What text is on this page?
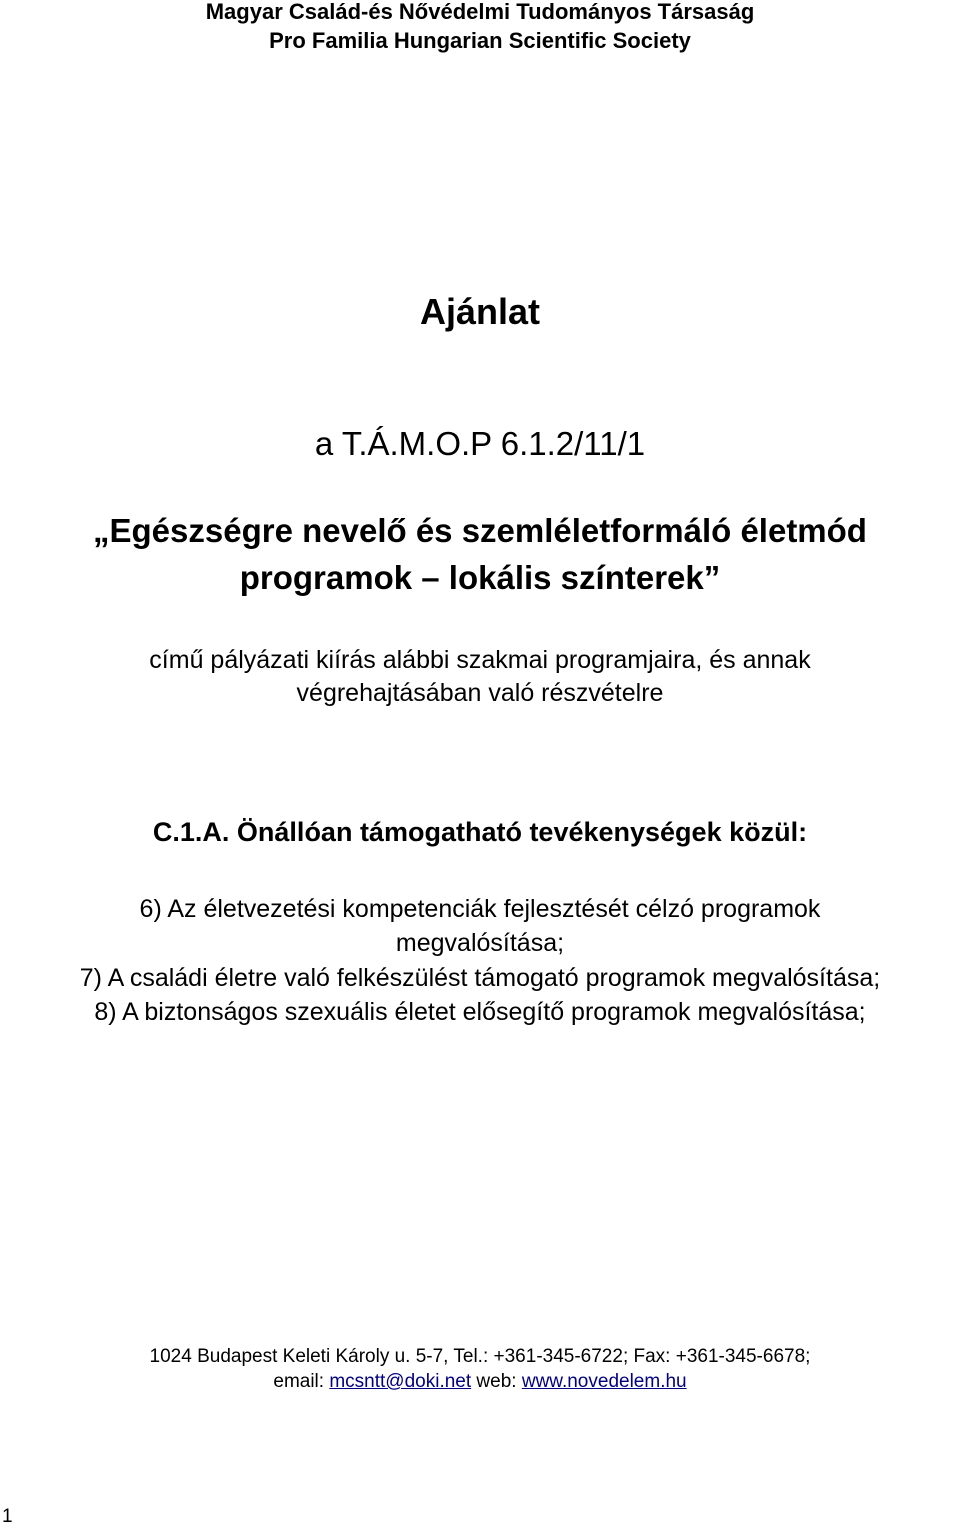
Magyar Család-és Nővédelmi Tudományos Társaság

Pro Familia Hungarian Scientific Society

Ajánlat

a T.Á.M.O.P 6.1.2/11/1

„Egészségre nevelő és szemléletformáló életmód

programok – lokális színterek”

című pályázati kiírás alábbi szakmai programjaira, és annak

végrehajtásában való részvételre

C.1.A. Önállóan támogatható tevékenységek közül:

6) Az életvezetési kompetenciák fejlesztését célzó programok

megvalósítása;

7) A családi életre való felkészülést támogató programok megvalósítása;

8) A biztonságos szexuális életet elősegítő programok megvalósítása;

1024 Budapest Keleti Károly u. 5-7, Tel.: +361-345-6722; Fax: +361-345-6678;

email: mcsntt@doki.net web: www.novedelem.hu

1
